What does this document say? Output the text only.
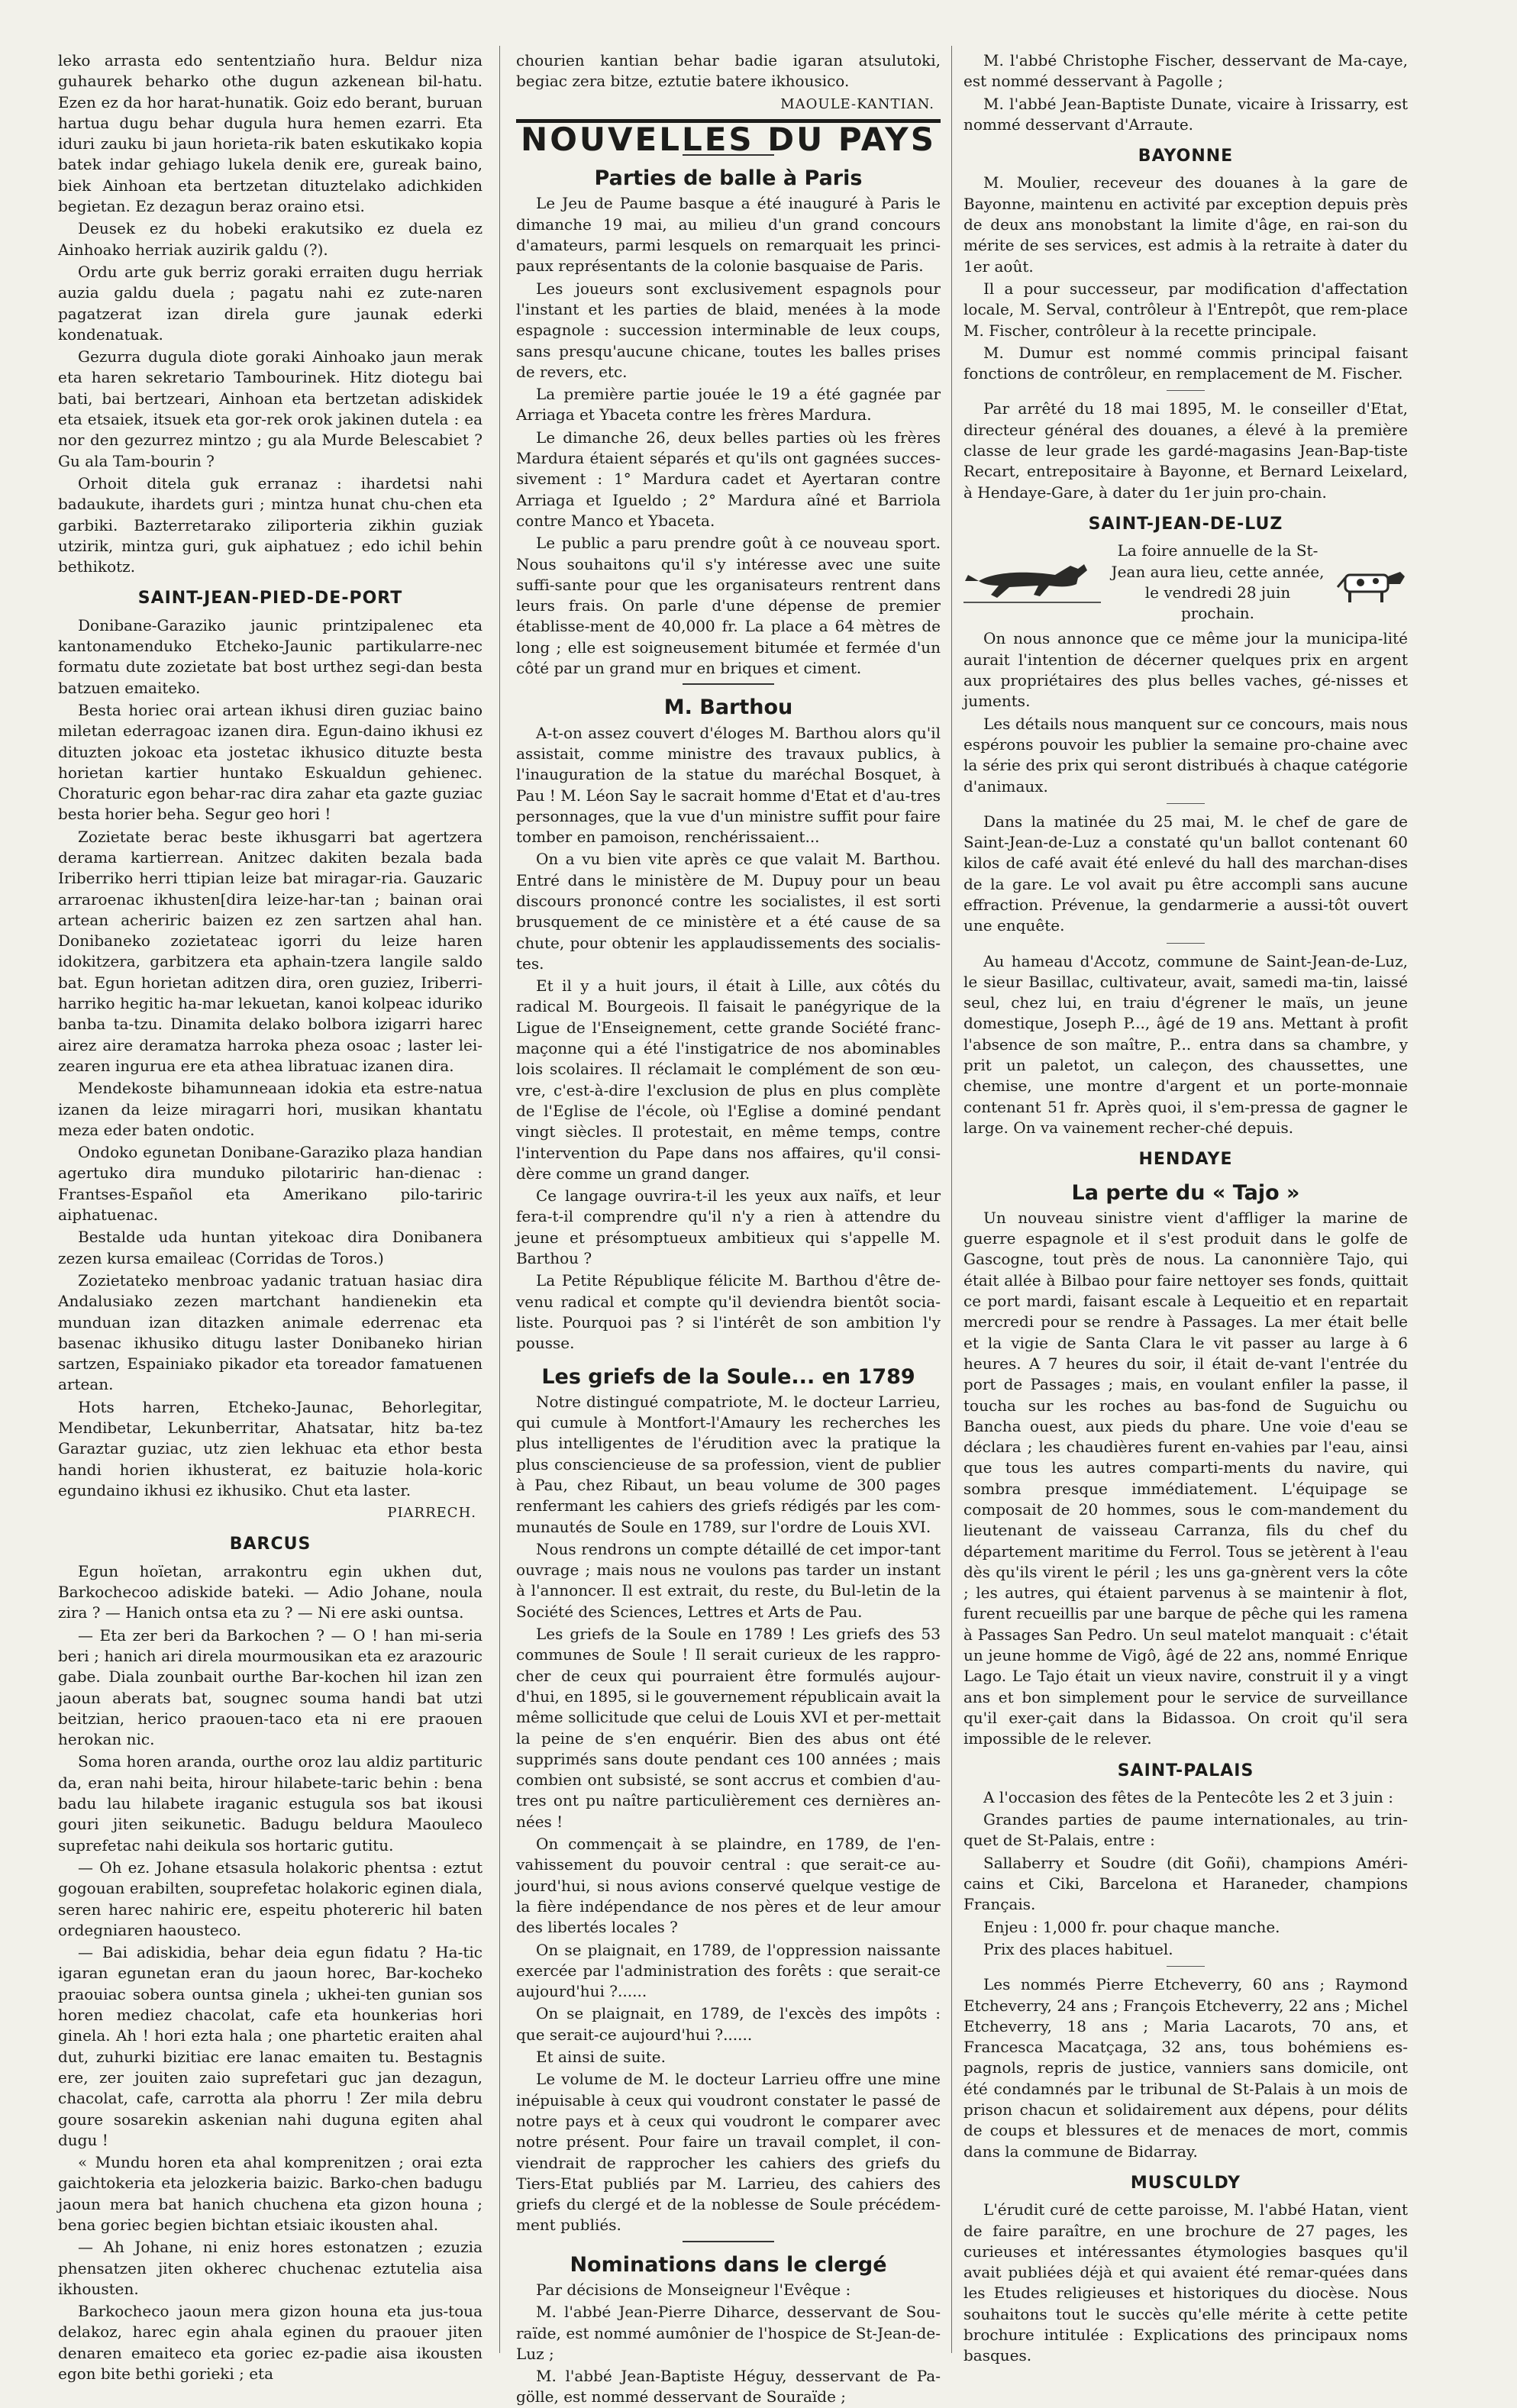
leko arrasta edo sententziaño hura. Beldur niza guhaurek beharko othe dugun azkenean bil-hatu. Ezen ez da hor harat-hunatik. Goiz edo berant, buruan hartua dugu behar dugula hura hemen ezarri. Eta iduri zauku bi jaun horieta-rik baten eskutikako kopia batek indar gehiago lukela denik ere, gureak baino, biek Ainhoan eta bertzetan dituztelako adichkiden begietan. Ez dezagun beraz oraino etsi.

Deusek ez du hobeki erakutsiko ez duela ez Ainhoako herriak auzirik galdu (?).

Ordu arte guk berriz goraki erraiten dugu herriak auzia galdu duela ; pagatu nahi ez zute-naren pagatzerat izan direla gure jaunak ederki kondenatuak.

Gezurra dugula diote goraki Ainhoako jaun merak eta haren sekretario Tambourinek. Hitz diotegu bai bati, bai bertzeari, Ainhoan eta bertzetan adiskidek eta etsaiek, itsuek eta gor-rek orok jakinen dutela : ea nor den gezurrez mintzo ; gu ala Murde Belescabiet ? Gu ala Tam-bourin ?

Orhoit ditela guk erranaz : ihardetsi nahi badaukute, ihardets guri ; mintza hunat chu-chen eta garbiki. Bazterretarako ziliporteria zikhin guziak utzirik, mintza guri, guk aiphatuez ; edo ichil behin bethikotz.

SAINT-JEAN-PIED-DE-PORT

Donibane-Garaziko jaunic printzipalenec eta kantonamenduko Etcheko-Jaunic partikularre-nec formatu dute zozietate bat bost urthez segi-dan besta batzuen emaiteko.

Besta horiec orai artean ikhusi diren guziac baino miletan ederragoac izanen dira. Egun-daino ikhusi ez dituzten jokoac eta jostetac ikhusico dituzte besta horietan kartier huntako Eskualdun gehienec. Choraturic egon behar-rac dira zahar eta gazte guziac besta horier beha. Segur geo hori !

Zozietate berac beste ikhusgarri bat agertzera derama kartierrean. Anitzec dakiten bezala bada Iriberriko herri ttipian leize bat miragar-ria. Gauzaric arraroenac ikhusten[dira leize-har-tan ; bainan orai artean acheriric baizen ez zen sartzen ahal han. Donibaneko zozietateac igorri du leize haren idokitzera, garbitzera eta aphain-tzera langile saldo bat. Egun horietan aditzen dira, oren guziez, Iriberri-harriko hegitic ha-mar lekuetan, kanoi kolpeac iduriko banba ta-tzu. Dinamita delako bolbora izigarri harec airez aire deramatza harroka pheza osoac ; laster lei-zearen ingurua ere eta athea libratuac izanen dira.

Mendekoste bihamunneaan idokia eta estre-natua izanen da leize miragarri hori, musikan khantatu meza eder baten ondotic.

Ondoko egunetan Donibane-Garaziko plaza handian agertuko dira munduko pilotariric han-dienac : Frantses-Español eta Amerikano pilo-tariric aiphatuenac.

Bestalde uda huntan yitekoac dira Donibanera zezen kursa emaileac (Corridas de Toros.)

Zozietateko menbroac yadanic tratuan hasiac dira Andalusiako zezen martchant handienekin eta munduan izan ditazken animale ederrenac eta basenac ikhusiko ditugu laster Donibaneko hirian sartzen, Espainiako pikador eta toreador famatuenen artean.

Hots harren, Etcheko-Jaunac, Behorlegitar, Mendibetar, Lekunberritar, Ahatsatar, hitz ba-tez Garaztar guziac, utz zien lekhuac eta ethor besta handi horien ikhusterat, ez baituzie hola-koric egundaino ikhusi ez ikhusiko. Chut eta laster.

PIARRECH.
BARCUS

Egun hoïetan, arrakontru egin ukhen dut, Barkochecoo adiskide bateki. — Adio Johane, noula zira ? — Hanich ontsa eta zu ? — Ni ere aski ountsa.

— Eta zer beri da Barkochen ? — O ! han mi-seria beri ; hanich ari direla mourmousikan eta ez arazouric gabe. Diala zounbait ourthe Bar-kochen hil izan zen jaoun aberats bat, sougnec souma handi bat utzi beitzian, herico praouen-taco eta ni ere praouen herokan nic.

Soma horen aranda, ourthe oroz lau aldiz partituric da, eran nahi beita, hirour hilabete-taric behin : bena badu lau hilabete iraganic estugula sos bat ikousi gouri jiten seikunetic. Badugu beldura Maouleco suprefetac nahi deikula sos hortaric gutitu.

— Oh ez. Johane etsasula holakoric phentsa : eztut gogouan erabilten, souprefetac holakoric eginen diala, seren harec nahiric ere, espeitu photereric hil baten ordegniaren haousteco.

— Bai adiskidia, behar deia egun fidatu ? Ha-tic igaran egunetan eran du jaoun horec, Bar-kocheko praouiac sobera ountsa ginela ; ukhei-ten gunian sos horen mediez chacolat, cafe eta hounkerias hori ginela. Ah ! hori ezta hala ; one phartetic eraiten ahal dut, zuhurki bizitiac ere lanac emaiten tu. Bestagnis ere, zer jouiten zaio suprefetari guc jan dezagun, chacolat, cafe, carrotta ala phorru ! Zer mila debru goure sosarekin askenian nahi duguna egiten ahal dugu !

« Mundu horen eta ahal komprenitzen ; orai ezta gaichtokeria eta jelozkeria baizic. Barko-chen badugu jaoun mera bat hanich chuchena eta gizon houna ; bena goriec begien bichtan etsiaic ikousten ahal.

— Ah Johane, ni eniz hores estonatzen ; ezuzia phensatzen jiten okherec chuchenac eztutelia aisa ikhousten.

Barkocheco jaoun mera gizon houna eta jus-toua delakoz, harec egin ahala eginen du praouer jiten denaren emaiteco eta goriec ez-padie aisa ikousten egon bite bethi gorieki ; eta

chourien kantian behar badie igaran atsulutoki, begiac zera bitze, eztutie batere ikhousico.

MAOULE-KANTIAN.
NOUVELLES DU PAYS
Parties de balle à Paris

Le Jeu de Paume basque a été inauguré à Paris le dimanche 19 mai, au milieu d'un grand concours d'amateurs, parmi lesquels on remarquait les princi-paux représentants de la colonie basquaise de Paris.

Les joueurs sont exclusivement espagnols pour l'instant et les parties de blaid, menées à la mode espagnole : succession interminable de leux coups, sans presqu'aucune chicane, toutes les balles prises de revers, etc.

La première partie jouée le 19 a été gagnée par Arriaga et Ybaceta contre les frères Mardura.

Le dimanche 26, deux belles parties où les frères Mardura étaient séparés et qu'ils ont gagnées succes-sivement : 1° Mardura cadet et Ayertaran contre Arriaga et Igueldo ; 2° Mardura aîné et Barriola contre Manco et Ybaceta.

Le public a paru prendre goût à ce nouveau sport. Nous souhaitons qu'il s'y intéresse avec une suite suffi-sante pour que les organisateurs rentrent dans leurs frais. On parle d'une dépense de premier établisse-ment de 40,000 fr. La place a 64 mètres de long ; elle est soigneusement bitumée et fermée d'un côté par un grand mur en briques et ciment.

M. Barthou

A-t-on assez couvert d'éloges M. Barthou alors qu'il assistait, comme ministre des travaux publics, à l'inauguration de la statue du maréchal Bosquet, à Pau ! M. Léon Say le sacrait homme d'Etat et d'au-tres personnages, que la vue d'un ministre suffit pour faire tomber en pamoison, renchérissaient...

On a vu bien vite après ce que valait M. Barthou. Entré dans le ministère de M. Dupuy pour un beau discours prononcé contre les socialistes, il est sorti brusquement de ce ministère et a été cause de sa chute, pour obtenir les applaudissements des socialis-tes.

Et il y a huit jours, il était à Lille, aux côtés du radical M. Bourgeois. Il faisait le panégyrique de la Ligue de l'Enseignement, cette grande Société franc-maçonne qui a été l'instigatrice de nos abominables lois scolaires. Il réclamait le complément de son œu-vre, c'est-à-dire l'exclusion de plus en plus complète de l'Eglise de l'école, où l'Eglise a dominé pendant vingt siècles. Il protestait, en même temps, contre l'intervention du Pape dans nos affaires, qu'il consi-dère comme un grand danger.

Ce langage ouvrira-t-il les yeux aux naïfs, et leur fera-t-il comprendre qu'il n'y a rien à attendre du jeune et présomptueux ambitieux qui s'appelle M. Barthou ?

La Petite République félicite M. Barthou d'être de-venu radical et compte qu'il deviendra bientôt socia-liste. Pourquoi pas ? si l'intérêt de son ambition l'y pousse.

Les griefs de la Soule... en 1789

Notre distingué compatriote, M. le docteur Larrieu, qui cumule à Montfort-l'Amaury les recherches les plus intelligentes de l'érudition avec la pratique la plus consciencieuse de sa profession, vient de publier à Pau, chez Ribaut, un beau volume de 300 pages renfermant les cahiers des griefs rédigés par les com-munautés de Soule en 1789, sur l'ordre de Louis XVI.

Nous rendrons un compte détaillé de cet impor-tant ouvrage ; mais nous ne voulons pas tarder un instant à l'annoncer. Il est extrait, du reste, du Bul-letin de la Société des Sciences, Lettres et Arts de Pau.

Les griefs de la Soule en 1789 ! Les griefs des 53 communes de Soule ! Il serait curieux de les rappro-cher de ceux qui pourraient être formulés aujour-d'hui, en 1895, si le gouvernement républicain avait la même sollicitude que celui de Louis XVI et per-mettait la peine de s'en enquérir. Bien des abus ont été supprimés sans doute pendant ces 100 années ; mais combien ont subsisté, se sont accrus et combien d'au-tres ont pu naître particulièrement ces dernières an-nées !

On commençait à se plaindre, en 1789, de l'en-vahissement du pouvoir central : que serait-ce au-jourd'hui, si nous avions conservé quelque vestige de la fière indépendance de nos pères et de leur amour des libertés locales ?

On se plaignait, en 1789, de l'oppression naissante exercée par l'administration des forêts : que serait-ce aujourd'hui ?......

On se plaignait, en 1789, de l'excès des impôts : que serait-ce aujourd'hui ?......

Et ainsi de suite.

Le volume de M. le docteur Larrieu offre une mine inépuisable à ceux qui voudront constater le passé de notre pays et à ceux qui voudront le comparer avec notre présent. Pour faire un travail complet, il con-viendrait de rapprocher les cahiers des griefs du Tiers-Etat publiés par M. Larrieu, des cahiers des griefs du clergé et de la noblesse de Soule précédem-ment publiés.

Nominations dans le clergé

Par décisions de Monseigneur l'Evêque :

M. l'abbé Jean-Pierre Diharce, desservant de Sou-raïde, est nommé aumônier de l'hospice de St-Jean-de-Luz ;

M. l'abbé Jean-Baptiste Héguy, desservant de Pa-gölle, est nommé desservant de Souraïde ;

M. l'abbé Christophe Fischer, desservant de Ma-caye, est nommé desservant à Pagolle ;

M. l'abbé Jean-Baptiste Dunate, vicaire à Irissarry, est nommé desservant d'Arraute.

BAYONNE

M. Moulier, receveur des douanes à la gare de Bayonne, maintenu en activité par exception depuis près de deux ans monobstant la limite d'âge, en rai-son du mérite de ses services, est admis à la retraite à dater du 1er août.

Il a pour successeur, par modification d'affectation locale, M. Serval, contrôleur à l'Entrepôt, que rem-place M. Fischer, contrôleur à la recette principale.

M. Dumur est nommé commis principal faisant fonctions de contrôleur, en remplacement de M. Fischer.

Par arrêté du 18 mai 1895, M. le conseiller d'Etat, directeur général des douanes, a élevé à la première classe de leur grade les gardé-magasins Jean-Bap-tiste Recart, entrepositaire à Bayonne, et Bernard Leixelard, à Hendaye-Gare, à dater du 1er juin pro-chain.

SAINT-JEAN-DE-LUZ
La foire annuelle de la St-Jean aura lieu, cette année, le vendredi 28 juin prochain.

On nous annonce que ce même jour la municipa-lité aurait l'intention de décerner quelques prix en argent aux propriétaires des plus belles vaches, gé-nisses et juments.

Les détails nous manquent sur ce concours, mais nous espérons pouvoir les publier la semaine pro-chaine avec la série des prix qui seront distribués à chaque catégorie d'animaux.

Dans la matinée du 25 mai, M. le chef de gare de Saint-Jean-de-Luz a constaté qu'un ballot contenant 60 kilos de café avait été enlevé du hall des marchan-dises de la gare. Le vol avait pu être accompli sans aucune effraction. Prévenue, la gendarmerie a aussi-tôt ouvert une enquête.

Au hameau d'Accotz, commune de Saint-Jean-de-Luz, le sieur Basillac, cultivateur, avait, samedi ma-tin, laissé seul, chez lui, en traiu d'égrener le maïs, un jeune domestique, Joseph P..., âgé de 19 ans. Mettant à profit l'absence de son maître, P... entra dans sa chambre, y prit un paletot, un caleçon, des chaussettes, une chemise, une montre d'argent et un porte-monnaie contenant 51 fr. Après quoi, il s'em-pressa de gagner le large. On va vainement recher-ché depuis.

HENDAYE
La perte du « Tajo »

Un nouveau sinistre vient d'affliger la marine de guerre espagnole et il s'est produit dans le golfe de Gascogne, tout près de nous. La canonnière Tajo, qui était allée à Bilbao pour faire nettoyer ses fonds, quittait ce port mardi, faisant escale à Lequeitio et en repartait mercredi pour se rendre à Passages. La mer était belle et la vigie de Santa Clara le vit passer au large à 6 heures. A 7 heures du soir, il était de-vant l'entrée du port de Passages ; mais, en voulant enfiler la passe, il toucha sur les roches au bas-fond de Suguichu ou Bancha ouest, aux pieds du phare. Une voie d'eau se déclara ; les chaudières furent en-vahies par l'eau, ainsi que tous les autres comparti-ments du navire, qui sombra presque immédiatement. L'équipage se composait de 20 hommes, sous le com-mandement du lieutenant de vaisseau Carranza, fils du chef du département maritime du Ferrol. Tous se jetèrent à l'eau dès qu'ils virent le péril ; les uns ga-gnèrent vers la côte ; les autres, qui étaient parvenus à se maintenir à flot, furent recueillis par une barque de pêche qui les ramena à Passages San Pedro. Un seul matelot manquait : c'était un jeune homme de Vigô, âgé de 22 ans, nommé Enrique Lago. Le Tajo était un vieux navire, construit il y a vingt ans et bon simplement pour le service de surveillance qu'il exer-çait dans la Bidassoa. On croit qu'il sera impossible de le relever.

SAINT-PALAIS

A l'occasion des fêtes de la Pentecôte les 2 et 3 juin :

Grandes parties de paume internationales, au trin-quet de St-Palais, entre :

Sallaberry et Soudre (dit Goñi), champions Améri-cains et Ciki, Barcelona et Haraneder, champions Français.

Enjeu : 1,000 fr. pour chaque manche.

Prix des places habituel.

Les nommés Pierre Etcheverry, 60 ans ; Raymond Etcheverry, 24 ans ; François Etcheverry, 22 ans ; Michel Etcheverry, 18 ans ; Maria Lacarots, 70 ans, et Francesca Macatçaga, 32 ans, tous bohémiens es-pagnols, repris de justice, vanniers sans domicile, ont été condamnés par le tribunal de St-Palais à un mois de prison chacun et solidairement aux dépens, pour délits de coups et blessures et de menaces de mort, commis dans la commune de Bidarray.

MUSCULDY

L'érudit curé de cette paroisse, M. l'abbé Hatan, vient de faire paraître, en une brochure de 27 pages, les curieuses et intéressantes étymologies basques qu'il avait publiées déjà et qui avaient été remar-quées dans les Etudes religieuses et historiques du diocèse. Nous souhaitons tout le succès qu'elle mérite à cette petite brochure intitulée : Explications des principaux noms basques.
